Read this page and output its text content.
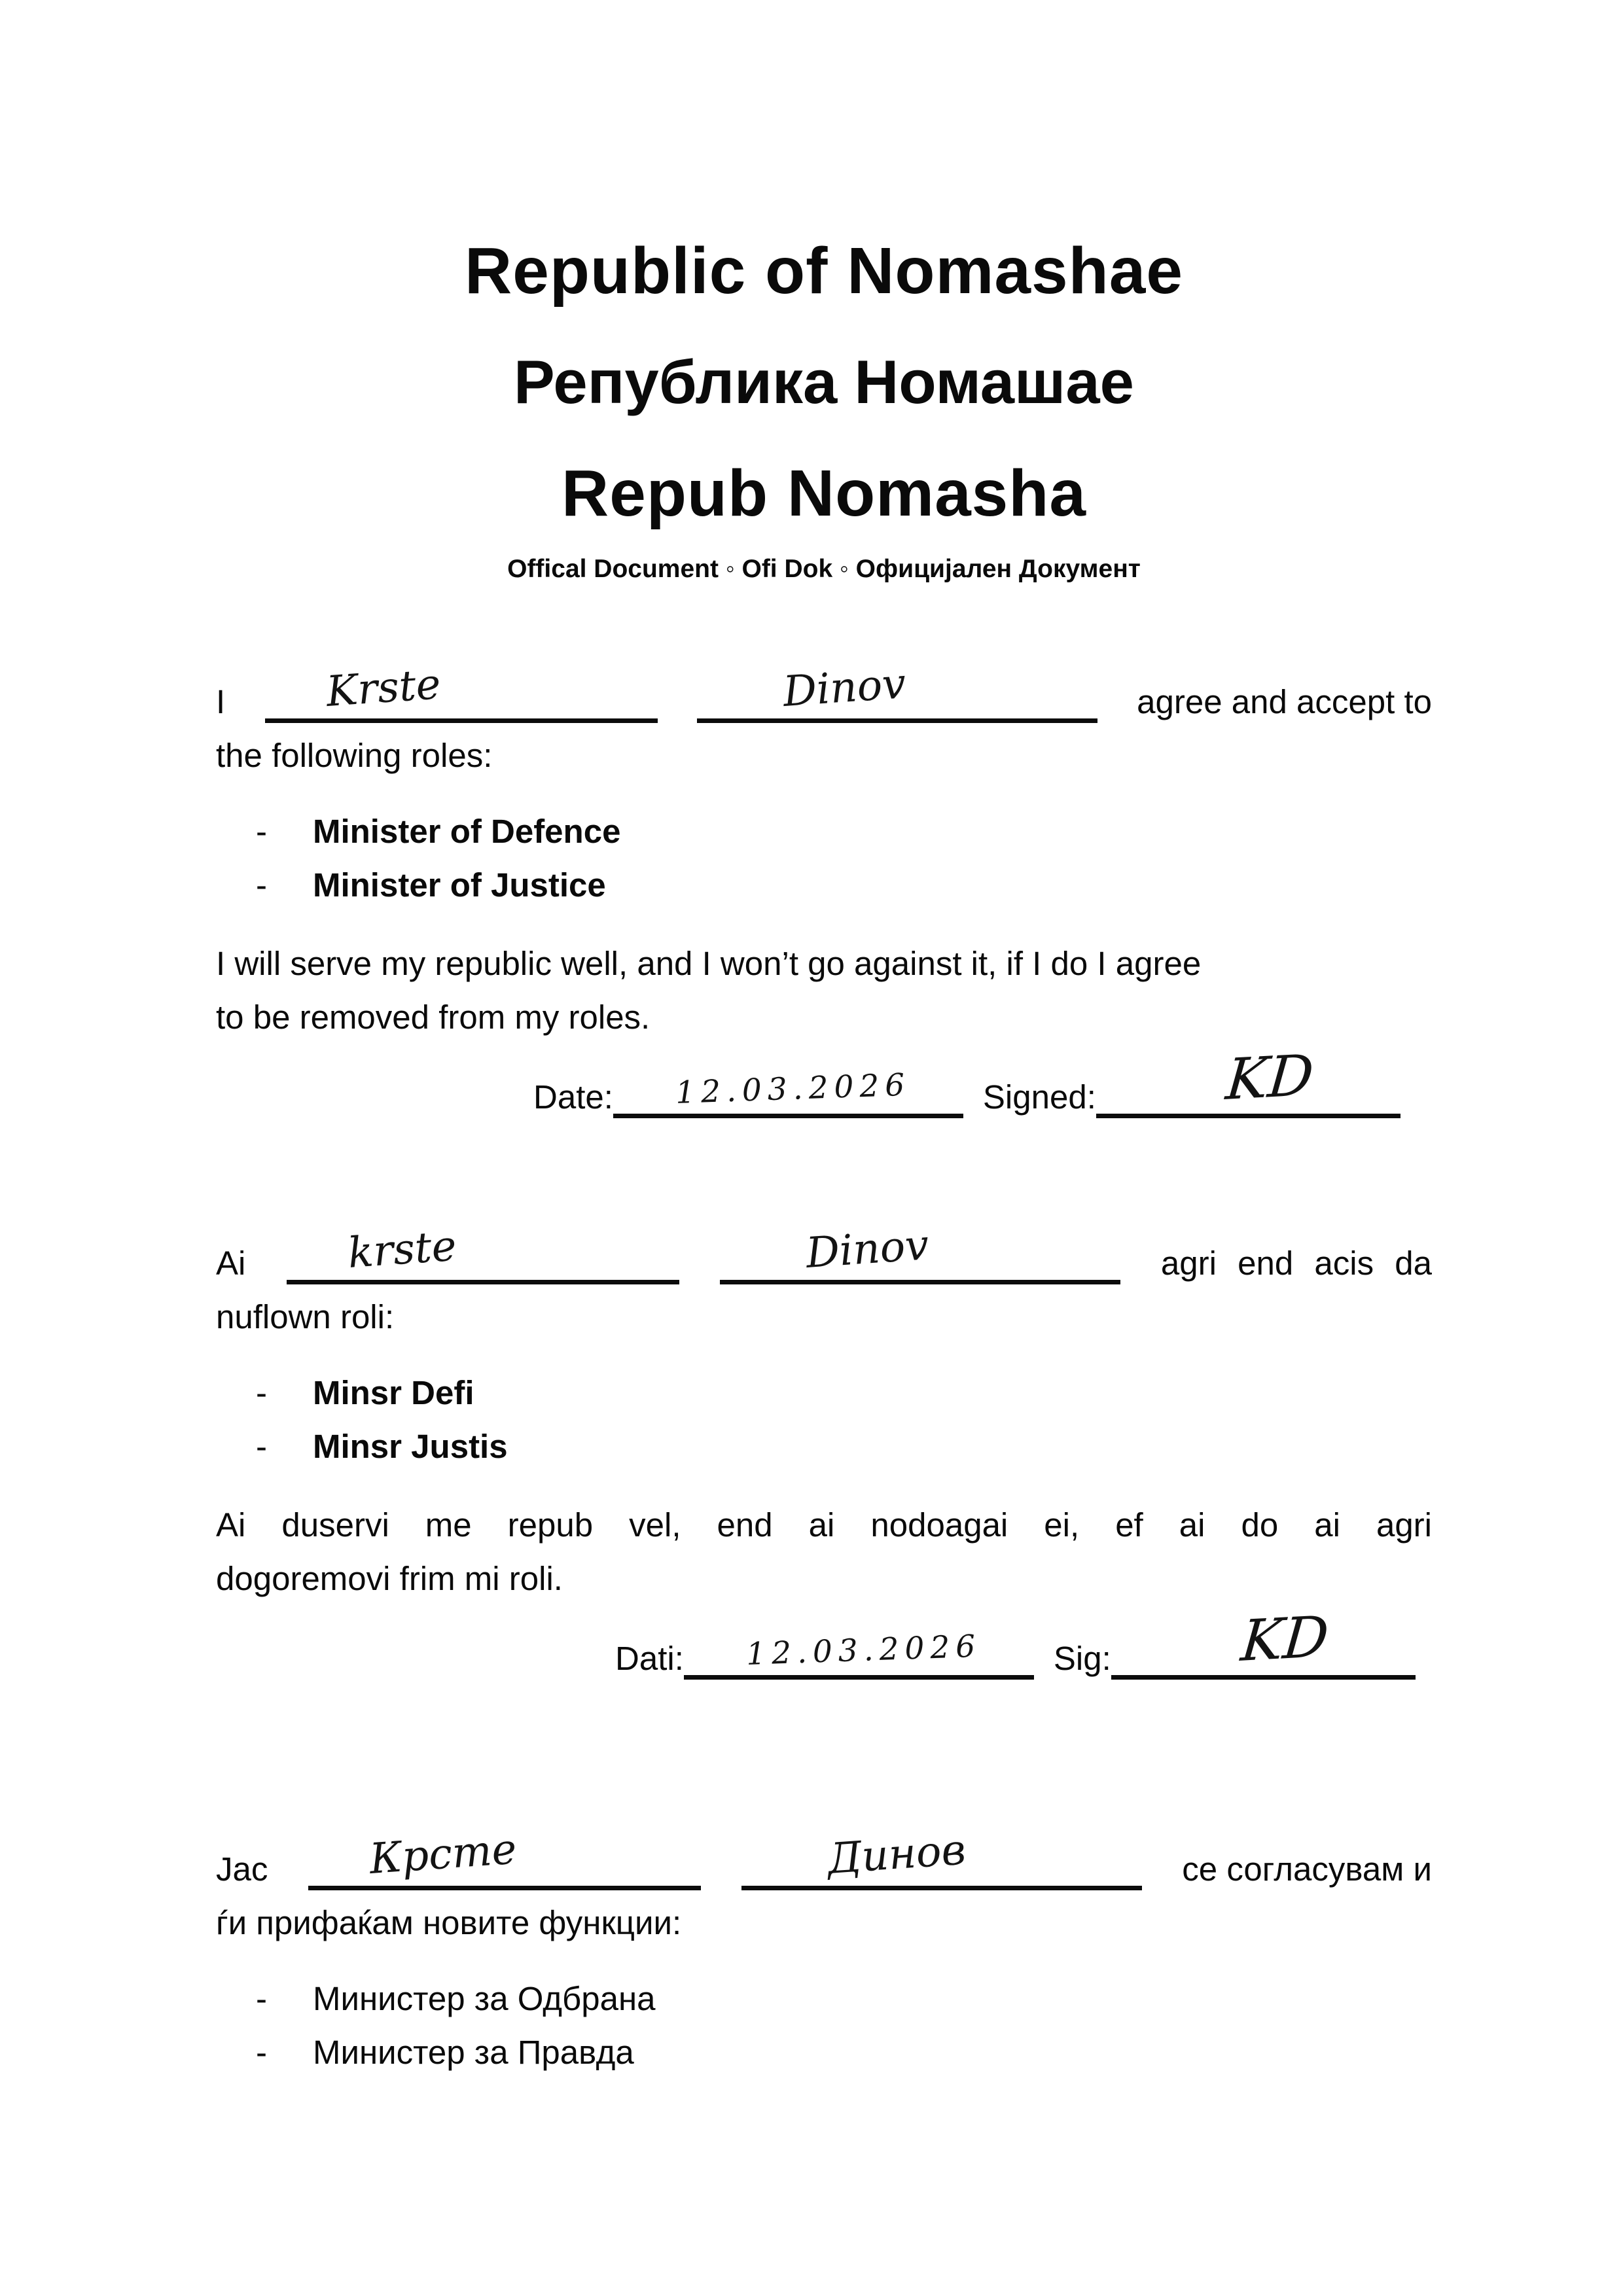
Republic of Nomashae
Република Номашае
Repub Nomasha
Offical Document ◦ Ofi Dok ◦ Официјален Документ
I Krste	Dinov	agree and accept to
the following roles:
-	Minister of Defence
-	Minister of Justice
I will serve my republic well, and I won’t go against it, if I do I agree
to be removed from my roles.
Date: 12.03.2026 Signed: KD
Ai krste	Dinov	agri end acis da
nuflown roli:
-	Minsr Defi
-	Minsr Justis
Ai duservi me repub vel, end ai nodoagai ei, ef ai do ai agri
dogoremovi frim mi roli.
Dati: 12.03.2026 Sig: KD
Јас Крсте	Динов	се согласувам и
ѓи прифаќам новите функции:
-	Министер за Одбрана
-	Министер за Правда
